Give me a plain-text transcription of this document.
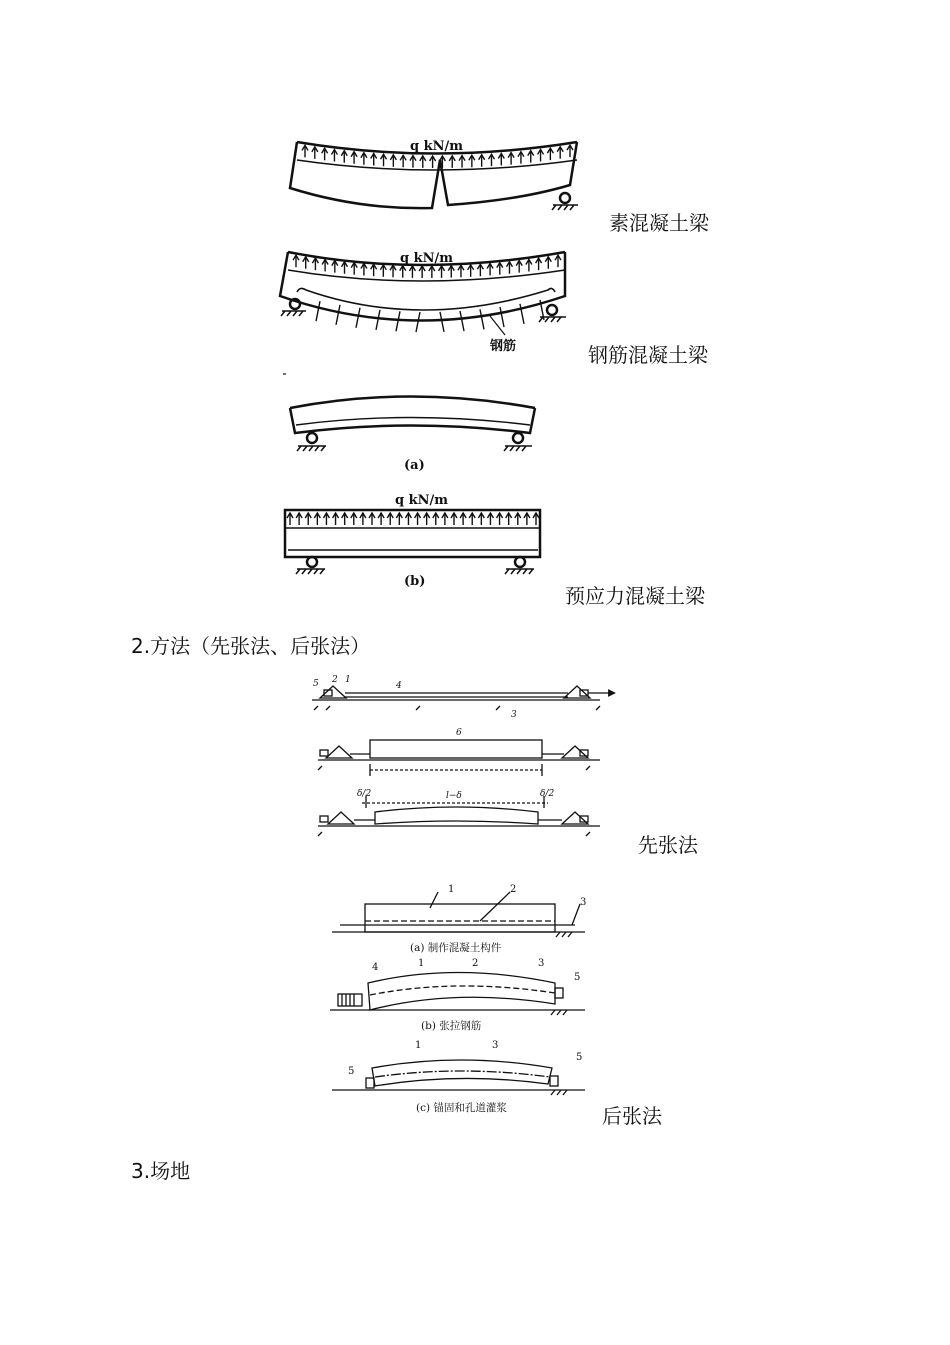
q kN/m
q kN/m
钢筋
(a)
q kN/m
(b)
5 2 1
4
3
6
δ/2	l−δ	δ/2
1	2
3
(a) 制作混凝土构件
4	1	2	3
5
(b) 张拉钢筋
1	3
5
5
(c) 锚固和孔道灌浆
素混凝土梁
钢筋混凝土梁
预应力混凝土梁
2.方法（先张法、后张法）
先张法
后张法
3.场地
